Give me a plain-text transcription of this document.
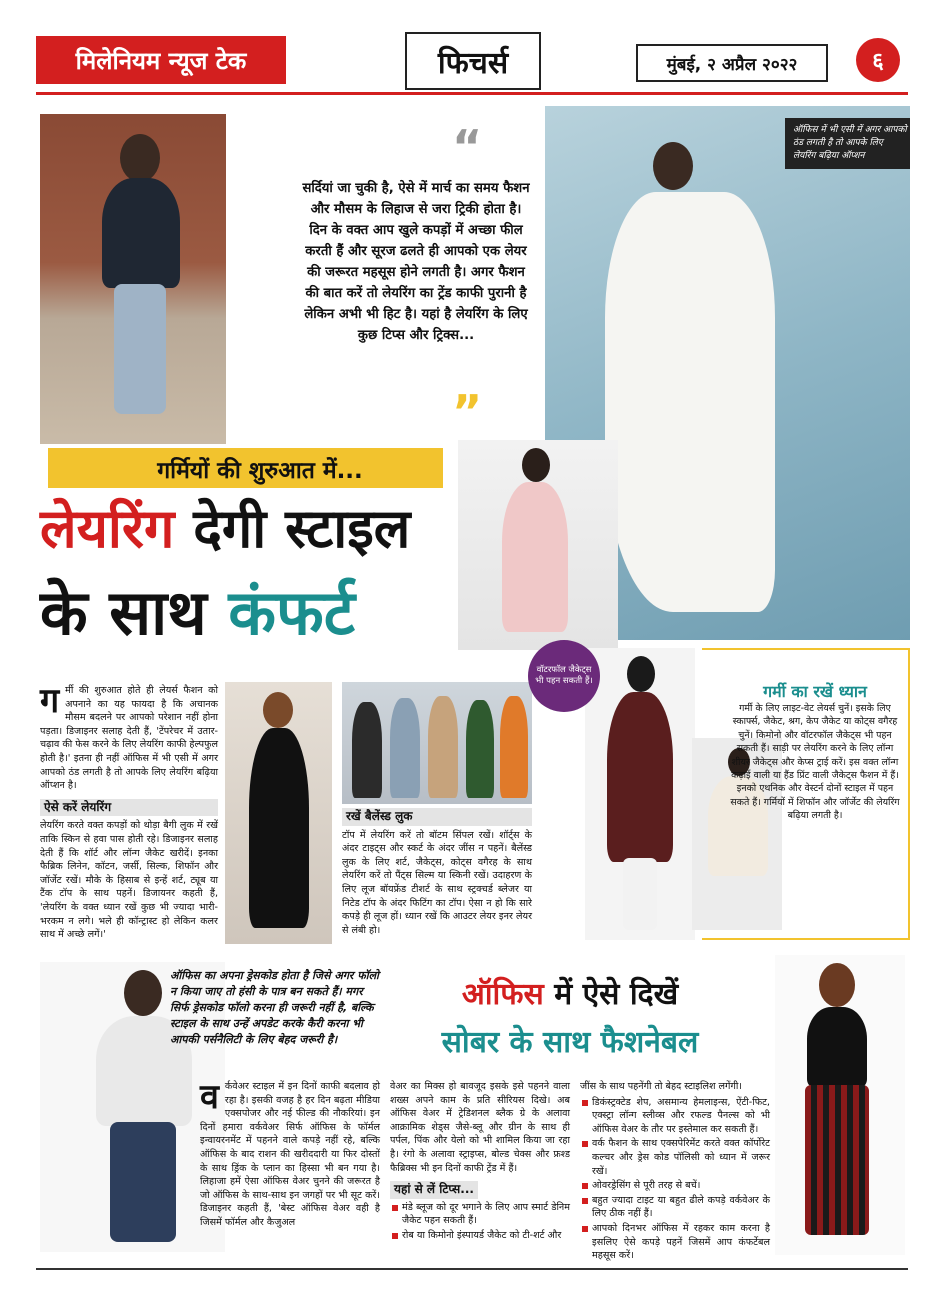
मिलेनियम न्यूज टेक	फिचर्स	मुंबई, २ अप्रैल २०२२	६
ऑफिस में भी एसी में अगर आपको ठंड लगती है तो आपके लिए लेयरिंग बढ़िया ऑप्शन
वॉटरफॉल जैकेट्स भी पहन सकती हैं।
“
सर्दियां जा चुकी है, ऐसे में मार्च का समय फैशन और मौसम के लिहाज से जरा ट्रिकी होता है। दिन के वक्त आप खुले कपड़ों में अच्छा फील करती हैं और सूरज ढलते ही आपको एक लेयर की जरूरत महसूस होने लगती है। अगर फैशन की बात करें तो लेयरिंग का ट्रेंड काफी पुरानी है लेकिन अभी भी हिट है। यहां है लेयरिंग के लिए कुछ टिप्स और ट्रिक्स...
”
गर्मियों की शुरुआत में...
लेयरिंग देगी स्टाइल
के साथ कंफर्ट
गर्मी की शुरुआत होते ही लेयर्स फैशन को अपनाने का यह फायदा है कि अचानक मौसम बदलने पर आपको परेशान नहीं होना पड़ता। डिजाइनर सलाह देती हैं, 'टेंपरेचर में उतार-चढ़ाव की फेस करने के लिए लेयरिंग काफी हेल्पफुल होती है।' इतना ही नहीं ऑफिस में भी एसी में अगर आपको ठंड लगती है तो आपके लिए लेयरिंग बढ़िया ऑप्शन है।
ऐसे करें लेयरिंग
लेयरिंग करते वक्त कपड़ों को थोड़ा बैगी लुक में रखें ताकि स्किन से हवा पास होती रहे। डिजाइनर सलाह देती हैं कि शॉर्ट और लॉन्ग जैकेट खरीदें। इनका फैब्रिक लिनेन, कॉटन, जर्सी, सिल्क, शिफॉन और जॉर्जेट रखें। मौके के हिसाब से इन्हें शर्ट, ट्यूब या टैंक टॉप के साथ पहनें। डिजायनर कहती हैं, 'लेयरिंग के वक्त ध्यान रखें कुछ भी ज्यादा भारी-भरकम न लगे। भले ही कॉन्ट्रास्ट हो लेकिन कलर साथ में अच्छे लगें।'
रखें बैलेंस्ड लुक
टॉप में लेयरिंग करें तो बॉटम सिंपल रखें। शॉर्ट्स के अंदर टाइट्स और स्कर्ट के अंदर जींस न पहनें। बैलेंस्ड लुक के लिए शर्ट, जैकेट्स, कोट्स वगैरह के साथ लेयरिंग करें तो पैंट्स सिल्म या स्किनी रखें। उदाहरण के लिए लूज बॉयफ्रेंड टीशर्ट के साथ स्ट्रक्चर्ड ब्लेजर या निटेड टॉप के अंदर फिटिंग का टॉप। ऐसा न हो कि सारे कपड़े ही लूज हों। ध्यान रखें कि आउटर लेयर इनर लेयर से लंबी हो।
गर्मी का रखें ध्यान
गर्मी के लिए लाइट-वेट लेयर्स चुनें। इसके लिए स्कार्फ्स, जैकेट, श्रग, केप जैकेट या कोट्स वगैरह चुनें। किमोनो और वॉटरफॉल जैकेट्स भी पहन सकती हैं। साड़ी पर लेयरिंग करने के लिए लॉन्ग शीयर जैकेट्स और केप्स ट्राई करें। इस वक्त लॉन्ग कढ़ाई वाली या हैंड प्रिंट वाली जैकेट्स फैशन में हैं। इनको एथनिक और वेस्टर्न दोनों स्टाइल में पहन सकते हैं। गर्मियों में शिफॉन और जॉर्जेट की लेयरिंग बढ़िया लगती है।
ऑफिस का अपना ड्रेसकोड होता है जिसे अगर फॉलो न किया जाए तो हंसी के पात्र बन सकते हैं। मगर सिर्फ ड्रेसकोड फॉलो करना ही जरूरी नहीं है, बल्कि स्टाइल के साथ उन्हें अपडेट करके कैरी करना भी आपकी पर्सनैलिटी के लिए बेहद जरूरी है।
ऑफिस में ऐसे दिखें
सोबर के साथ फैशनेबल
वर्कवेअर स्टाइल में इन दिनों काफी बदलाव हो रहा है। इसकी वजह है हर दिन बढ़ता मीडिया एक्सपोजर और नई फील्ड की नौकरियां। इन दिनों हमारा वर्कवेअर सिर्फ ऑफिस के फॉर्मल इन्वायरनमेंट में पहनने वाले कपड़े नहीं रहे, बल्कि ऑफिस के बाद राशन की खरीददारी या फिर दोस्तों के साथ ड्रिंक के प्लान का हिस्सा भी बन गया है। लिहाजा हमें ऐसा ऑफिस वेअर चुनने की जरूरत है जो ऑफिस के साथ-साथ इन जगहों पर भी सूट करें। डिजाइनर कहती हैं, 'बेस्ट ऑफिस वेअर वही है जिसमें फॉर्मल और कैजुअल
वेअर का मिक्स हो बावजूद इसके इसे पहनने वाला शख्स अपने काम के प्रति सीरियस दिखे। अब ऑफिस वेअर में ट्रेडिशनल ब्लैक ग्रे के अलावा आक्रामिक शेड्स जैसे-ब्लू और ग्रीन के साथ ही पर्पल, पिंक और येलो को भी शामिल किया जा रहा है। रंगो के अलावा स्ट्राइप्स, बोल्ड चेक्स और फ्रश्ड फैब्रिक्स भी इन दिनों काफी ट्रेंड में हैं।
यहां से लें टिप्स...
मंडे ब्लूज को दूर भगाने के लिए आप स्मार्ट डेनिम जैकेट पहन सकती हैं।
रोब या किमोनो इंस्पायर्ड जैकेट को टी-शर्ट और
जींस के साथ पहनेंगी तो बेहद स्टाइलिश लगेंगी।
डिकंस्ट्रक्टेड शेप, असमान्य हेमलाइन्स, ऐंटी-फिट, एक्स्ट्रा लॉन्ग स्लीव्स और रफल्ड पैनल्स को भी ऑफिस वेअर के तौर पर इस्तेमाल कर सकती हैं।
वर्क फैशन के साथ एक्सपेरिमेंट करते वक्त कॉर्पोरेट कल्चर और ड्रेस कोड पॉलिसी को ध्यान में जरूर रखें।
ओवरड्रेसिंग से पूरी तरह से बचें।
बहुत ज्यादा टाइट या बहुत ढीले कपड़े वर्कवेअर के लिए ठीक नहीं हैं।
आपको दिनभर ऑफिस में रहकर काम करना है इसलिए ऐसे कपड़े पहनें जिसमें आप कंफर्टेबल महसूस करें।
